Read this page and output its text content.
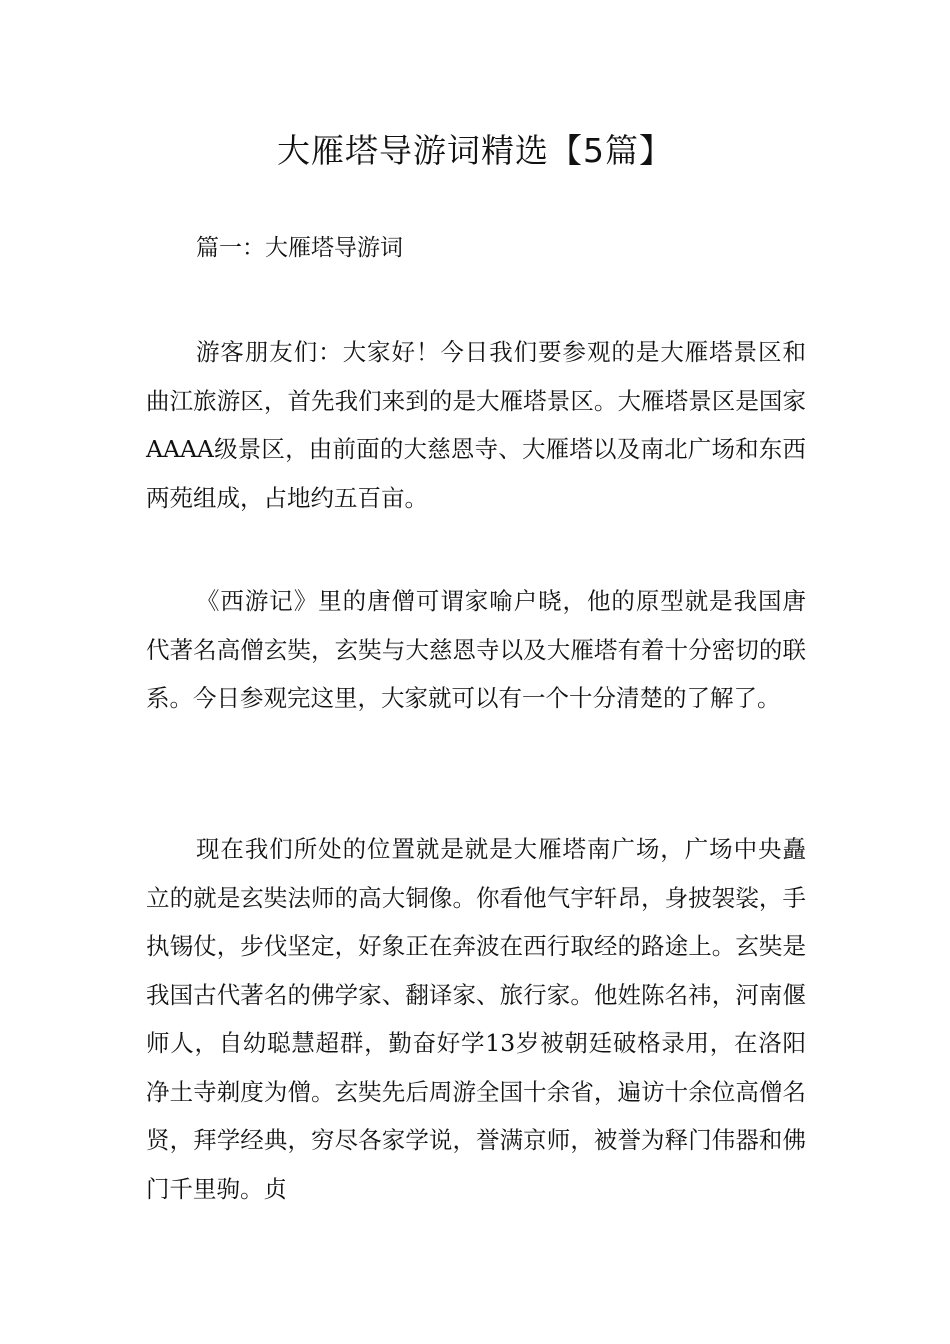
大雁塔导游词精选【5篇】
篇一：大雁塔导游词

游客朋友们：大家好！今日我们要参观的是大雁塔景区和曲江旅游区，首先我们来到的是大雁塔景区。大雁塔景区是国家AAAA级景区，由前面的大慈恩寺、大雁塔以及南北广场和东西两苑组成，占地约五百亩。

《西游记》里的唐僧可谓家喻户晓，他的原型就是我国唐代著名高僧玄奘，玄奘与大慈恩寺以及大雁塔有着十分密切的联系。今日参观完这里，大家就可以有一个十分清楚的了解了。

现在我们所处的位置就是就是大雁塔南广场，广场中央矗立的就是玄奘法师的高大铜像。你看他气宇轩昂，身披袈裟，手执锡仗，步伐坚定，好象正在奔波在西行取经的路途上。玄奘是我国古代著名的佛学家、翻译家、旅行家。他姓陈名祎，河南偃师人，自幼聪慧超群，勤奋好学13岁被朝廷破格录用，在洛阳净土寺剃度为僧。玄奘先后周游全国十余省，遍访十余位高僧名贤，拜学经典，穷尽各家学说，誉满京师，被誉为释门伟器和佛门千里驹。贞
